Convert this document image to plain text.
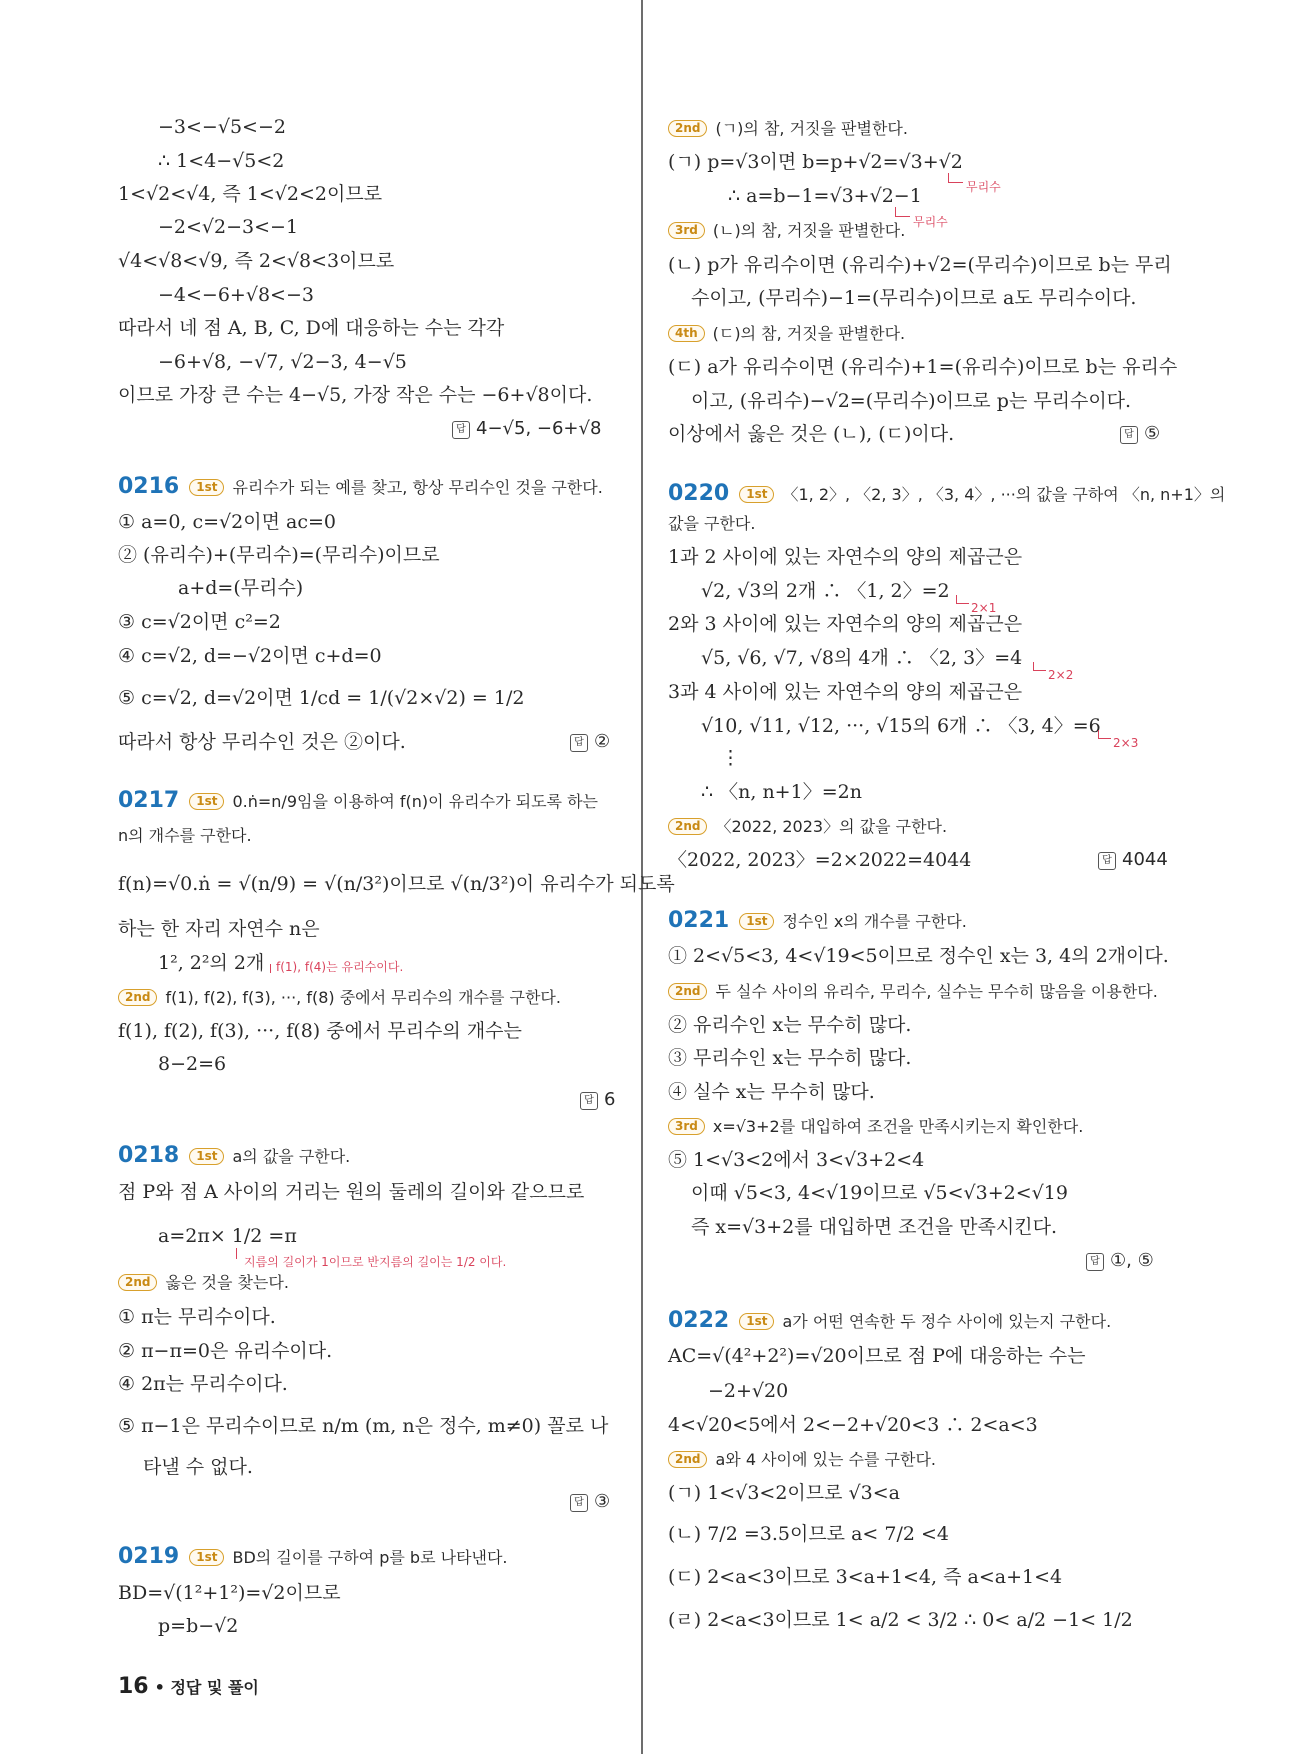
−3<−√5<−2
∴ 1<4−√5<2
1<√2<√4, 즉 1<√2<2이므로
−2<√2−3<−1
√4<√8<√9, 즉 2<√8<3이므로
−4<−6+√8<−3
따라서 네 점 A, B, C, D에 대응하는 수는 각각
−6+√8, −√7, √2−3, 4−√5
이므로 가장 큰 수는 4−√5, 가장 작은 수는 −6+√8이다.
답 4−√5, −6+√8
0216 1st 유리수가 되는 예를 찾고, 항상 무리수인 것을 구한다.
① a=0, c=√2이면 ac=0
② (유리수)+(무리수)=(무리수)이므로
a+d=(무리수)
③ c=√2이면 c²=2
④ c=√2, d=−√2이면 c+d=0
⑤ c=√2, d=√2이면 1/cd = 1/(√2×√2) = 1/2
따라서 항상 무리수인 것은 ②이다.	답 ②
0217 1st 0.ṅ=n/9임을 이용하여 f(n)이 유리수가 되도록 하는
n의 개수를 구한다.
f(n)=√0.ṅ = √(n/9) = √(n/3²)이므로 √(n/3²)이 유리수가 되도록
하는 한 자리 자연수 n은
1², 2²의 2개 f(1), f(4)는 유리수이다.
2nd f(1), f(2), f(3), ···, f(8) 중에서 무리수의 개수를 구한다.
f(1), f(2), f(3), ···, f(8) 중에서 무리수의 개수는
8−2=6
답 6
0218 1st a의 값을 구한다.
점 P와 점 A 사이의 거리는 원의 둘레의 길이와 같으므로
a=2π× 1/2 =π
지름의 길이가 1이므로 반지름의 길이는 1/2 이다.
2nd 옳은 것을 찾는다.
① π는 무리수이다.
② π−π=0은 유리수이다.
④ 2π는 무리수이다.
⑤ π−1은 무리수이므로 n/m (m, n은 정수, m≠0) 꼴로 나
타낼 수 없다.
답 ③
0219 1st BD의 길이를 구하여 p를 b로 나타낸다.
BD=√(1²+1²)=√2이므로
p=b−√2
16 • 정답 및 풀이
2nd (ㄱ)의 참, 거짓을 판별한다.
(ㄱ) p=√3이면 b=p+√2=√3+√2
무리수
∴ a=b−1=√3+√2−1
무리수
3rd (ㄴ)의 참, 거짓을 판별한다.
(ㄴ) p가 유리수이면 (유리수)+√2=(무리수)이므로 b는 무리
수이고, (무리수)−1=(무리수)이므로 a도 무리수이다.
4th (ㄷ)의 참, 거짓을 판별한다.
(ㄷ) a가 유리수이면 (유리수)+1=(유리수)이므로 b는 유리수
이고, (유리수)−√2=(무리수)이므로 p는 무리수이다.
이상에서 옳은 것은 (ㄴ), (ㄷ)이다.	답 ⑤
0220 1st 〈1, 2〉, 〈2, 3〉, 〈3, 4〉, ···의 값을 구하여 〈n, n+1〉의
값을 구한다.
1과 2 사이에 있는 자연수의 양의 제곱근은
√2, √3의 2개 ∴ 〈1, 2〉=2
2×1
2와 3 사이에 있는 자연수의 양의 제곱근은
√5, √6, √7, √8의 4개 ∴ 〈2, 3〉=4
2×2
3과 4 사이에 있는 자연수의 양의 제곱근은
√10, √11, √12, ···, √15의 6개 ∴ 〈3, 4〉=6
2×3
⋮
∴ 〈n, n+1〉=2n
2nd 〈2022, 2023〉의 값을 구한다.
〈2022, 2023〉=2×2022=4044	답 4044
0221 1st 정수인 x의 개수를 구한다.
① 2<√5<3, 4<√19<5이므로 정수인 x는 3, 4의 2개이다.
2nd 두 실수 사이의 유리수, 무리수, 실수는 무수히 많음을 이용한다.
② 유리수인 x는 무수히 많다.
③ 무리수인 x는 무수히 많다.
④ 실수 x는 무수히 많다.
3rd x=√3+2를 대입하여 조건을 만족시키는지 확인한다.
⑤ 1<√3<2에서 3<√3+2<4
이때 √5<3, 4<√19이므로 √5<√3+2<√19
즉 x=√3+2를 대입하면 조건을 만족시킨다.
답 ①, ⑤
0222 1st a가 어떤 연속한 두 정수 사이에 있는지 구한다.
AC=√(4²+2²)=√20이므로 점 P에 대응하는 수는
−2+√20
4<√20<5에서 2<−2+√20<3 ∴ 2<a<3
2nd a와 4 사이에 있는 수를 구한다.
(ㄱ) 1<√3<2이므로 √3<a
(ㄴ) 7/2 =3.5이므로 a< 7/2 <4
(ㄷ) 2<a<3이므로 3<a+1<4, 즉 a<a+1<4
(ㄹ) 2<a<3이므로 1< a/2 < 3/2 ∴ 0< a/2 −1< 1/2
